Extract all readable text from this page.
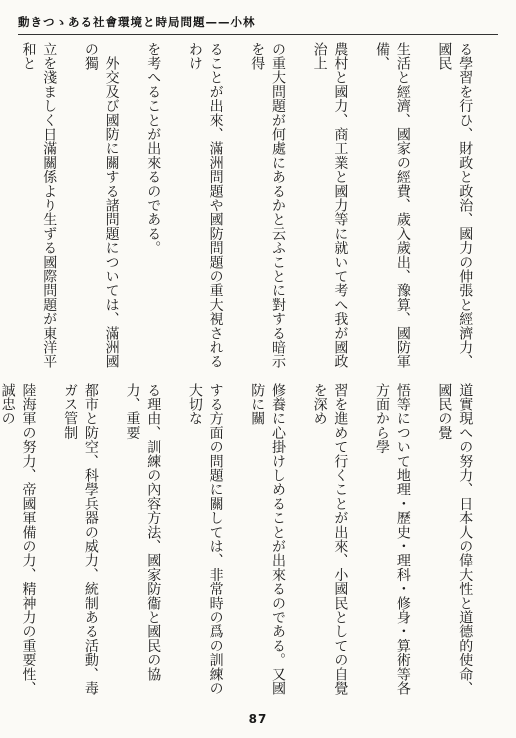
動きつゝある社會環境と時局問題——小林

る學習を行ひ、財政と政治、國力の伸張と經濟力、國民

生活と經濟、國家の經費、歲入歲出、豫算、國防軍備、

農村と國力、商工業と國力等に就いて考へ我が國政治上

の重大問題が何處にあるかと云ふことに對する暗示を得

ることが出來、滿洲問題や國防問題の重大視されるわけ

を考へることが出來るのである。

　外交及び國防に關する諸問題については、滿洲國の獨

立を淺ましく日滿關係より生ずる國際問題が東洋平和と

道實現への努力、日本人の偉大性と道德的使命、國民の覺

悟等について地理・歷史・理科・修身・算術等各方面から學

習を進めて行くことが出來、小國民としての自覺を深め

修養に心掛けしめることが出來るのである。又國防に關

する方面の問題に關しては、非常時の爲の訓練の大切な

る理由、訓練の內容方法、國家防衞と國民の協力、重要

都市と防空、科學兵器の威力、統制ある活動、毒ガス管制

陸海軍の努力、帝國軍備の力、精神力の重要性、誠忠の

87
